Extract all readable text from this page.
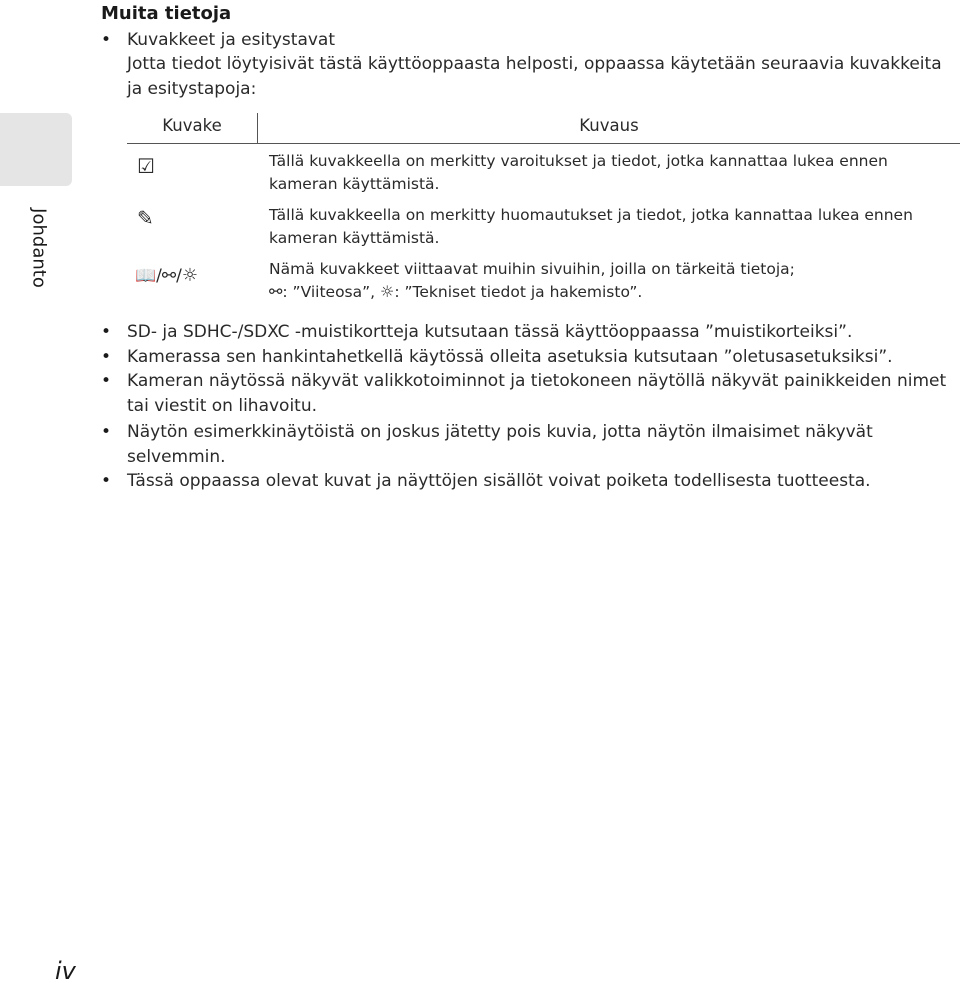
Johdanto
Muita tietoja
• Kuvakkeet ja esitystavat
Jotta tiedot löytyisivät tästä käyttöoppaasta helposti, oppaassa käytetään seuraavia kuvakkeita ja esitystapoja:
Kuvake	Kuvaus
☑	Tällä kuvakkeella on merkitty varoitukset ja tiedot, jotka kannattaa lukea ennen kameran käyttämistä.
✎	Tällä kuvakkeella on merkitty huomautukset ja tiedot, jotka kannattaa lukea ennen kameran käyttämistä.
📖/⚯/☼	Nämä kuvakkeet viittaavat muihin sivuihin, joilla on tärkeitä tietoja;
⚯: ”Viiteosa”, ☼: ”Tekniset tiedot ja hakemisto”.
• SD- ja SDHC-/SDXC -muistikortteja kutsutaan tässä käyttöoppaassa ”muistikorteiksi”.
• Kamerassa sen hankintahetkellä käytössä olleita asetuksia kutsutaan ”oletusasetuksiksi”.
• Kameran näytössä näkyvät valikkotoiminnot ja tietokoneen näytöllä näkyvät painikkeiden nimet tai viestit on lihavoitu.
• Näytön esimerkkinäytöistä on joskus jätetty pois kuvia, jotta näytön ilmaisimet näkyvät selvemmin.
• Tässä oppaassa olevat kuvat ja näyttöjen sisällöt voivat poiketa todellisesta tuotteesta.
iv
